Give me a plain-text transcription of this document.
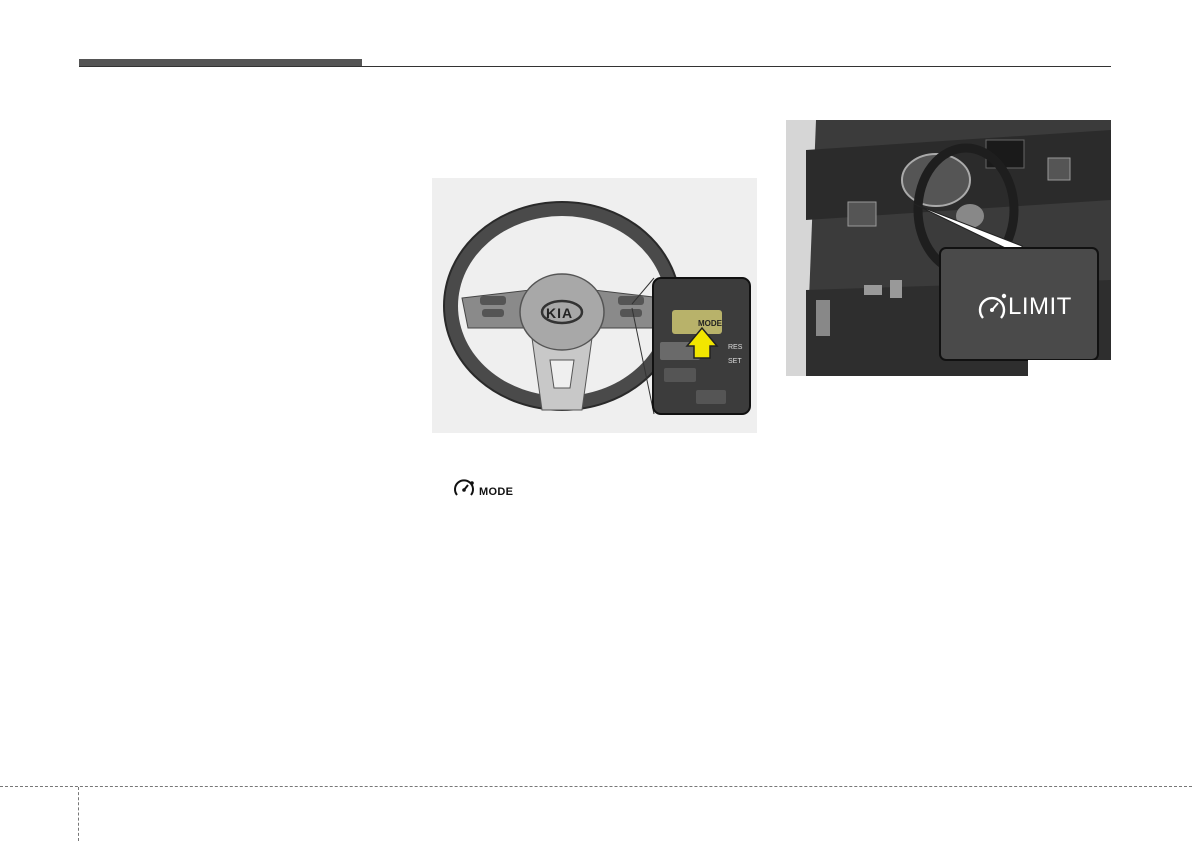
KIA
MODE
RES
SET
LIMIT
MODE
